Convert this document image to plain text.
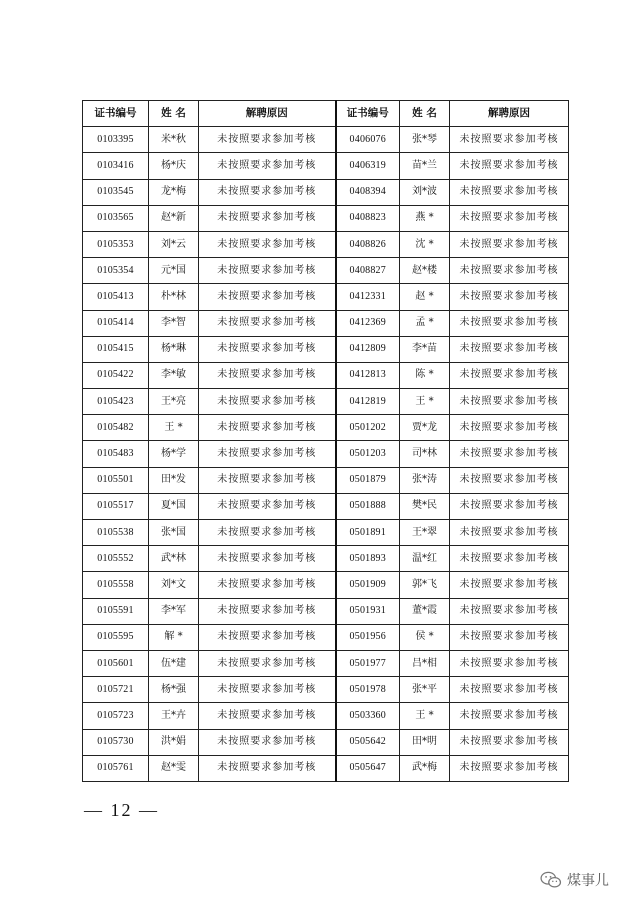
证书编号	姓 名	解聘原因	证书编号	姓 名	解聘原因
0103395	米*秋	未按照要求参加考核	0406076	张*琴	未按照要求参加考核
0103416	杨*庆	未按照要求参加考核	0406319	苗*兰	未按照要求参加考核
0103545	龙*梅	未按照要求参加考核	0408394	刘*波	未按照要求参加考核
0103565	赵*新	未按照要求参加考核	0408823	燕 *	未按照要求参加考核
0105353	刘*云	未按照要求参加考核	0408826	沈 *	未按照要求参加考核
0105354	元*国	未按照要求参加考核	0408827	赵*楼	未按照要求参加考核
0105413	朴*林	未按照要求参加考核	0412331	赵 *	未按照要求参加考核
0105414	李*智	未按照要求参加考核	0412369	孟 *	未按照要求参加考核
0105415	杨*琳	未按照要求参加考核	0412809	李*苗	未按照要求参加考核
0105422	李*敏	未按照要求参加考核	0412813	陈 *	未按照要求参加考核
0105423	王*亮	未按照要求参加考核	0412819	王 *	未按照要求参加考核
0105482	王 *	未按照要求参加考核	0501202	贾*龙	未按照要求参加考核
0105483	杨*学	未按照要求参加考核	0501203	司*林	未按照要求参加考核
0105501	田*发	未按照要求参加考核	0501879	张*涛	未按照要求参加考核
0105517	夏*国	未按照要求参加考核	0501888	樊*民	未按照要求参加考核
0105538	张*国	未按照要求参加考核	0501891	王*翠	未按照要求参加考核
0105552	武*林	未按照要求参加考核	0501893	温*红	未按照要求参加考核
0105558	刘*文	未按照要求参加考核	0501909	郭*飞	未按照要求参加考核
0105591	李*军	未按照要求参加考核	0501931	董*霞	未按照要求参加考核
0105595	解 *	未按照要求参加考核	0501956	侯 *	未按照要求参加考核
0105601	伍*建	未按照要求参加考核	0501977	吕*相	未按照要求参加考核
0105721	杨*强	未按照要求参加考核	0501978	张*平	未按照要求参加考核
0105723	王*卉	未按照要求参加考核	0503360	王 *	未按照要求参加考核
0105730	洪*娟	未按照要求参加考核	0505642	田*明	未按照要求参加考核
0105761	赵*雯	未按照要求参加考核	0505647	武*梅	未按照要求参加考核
— 12 —
煤事儿
